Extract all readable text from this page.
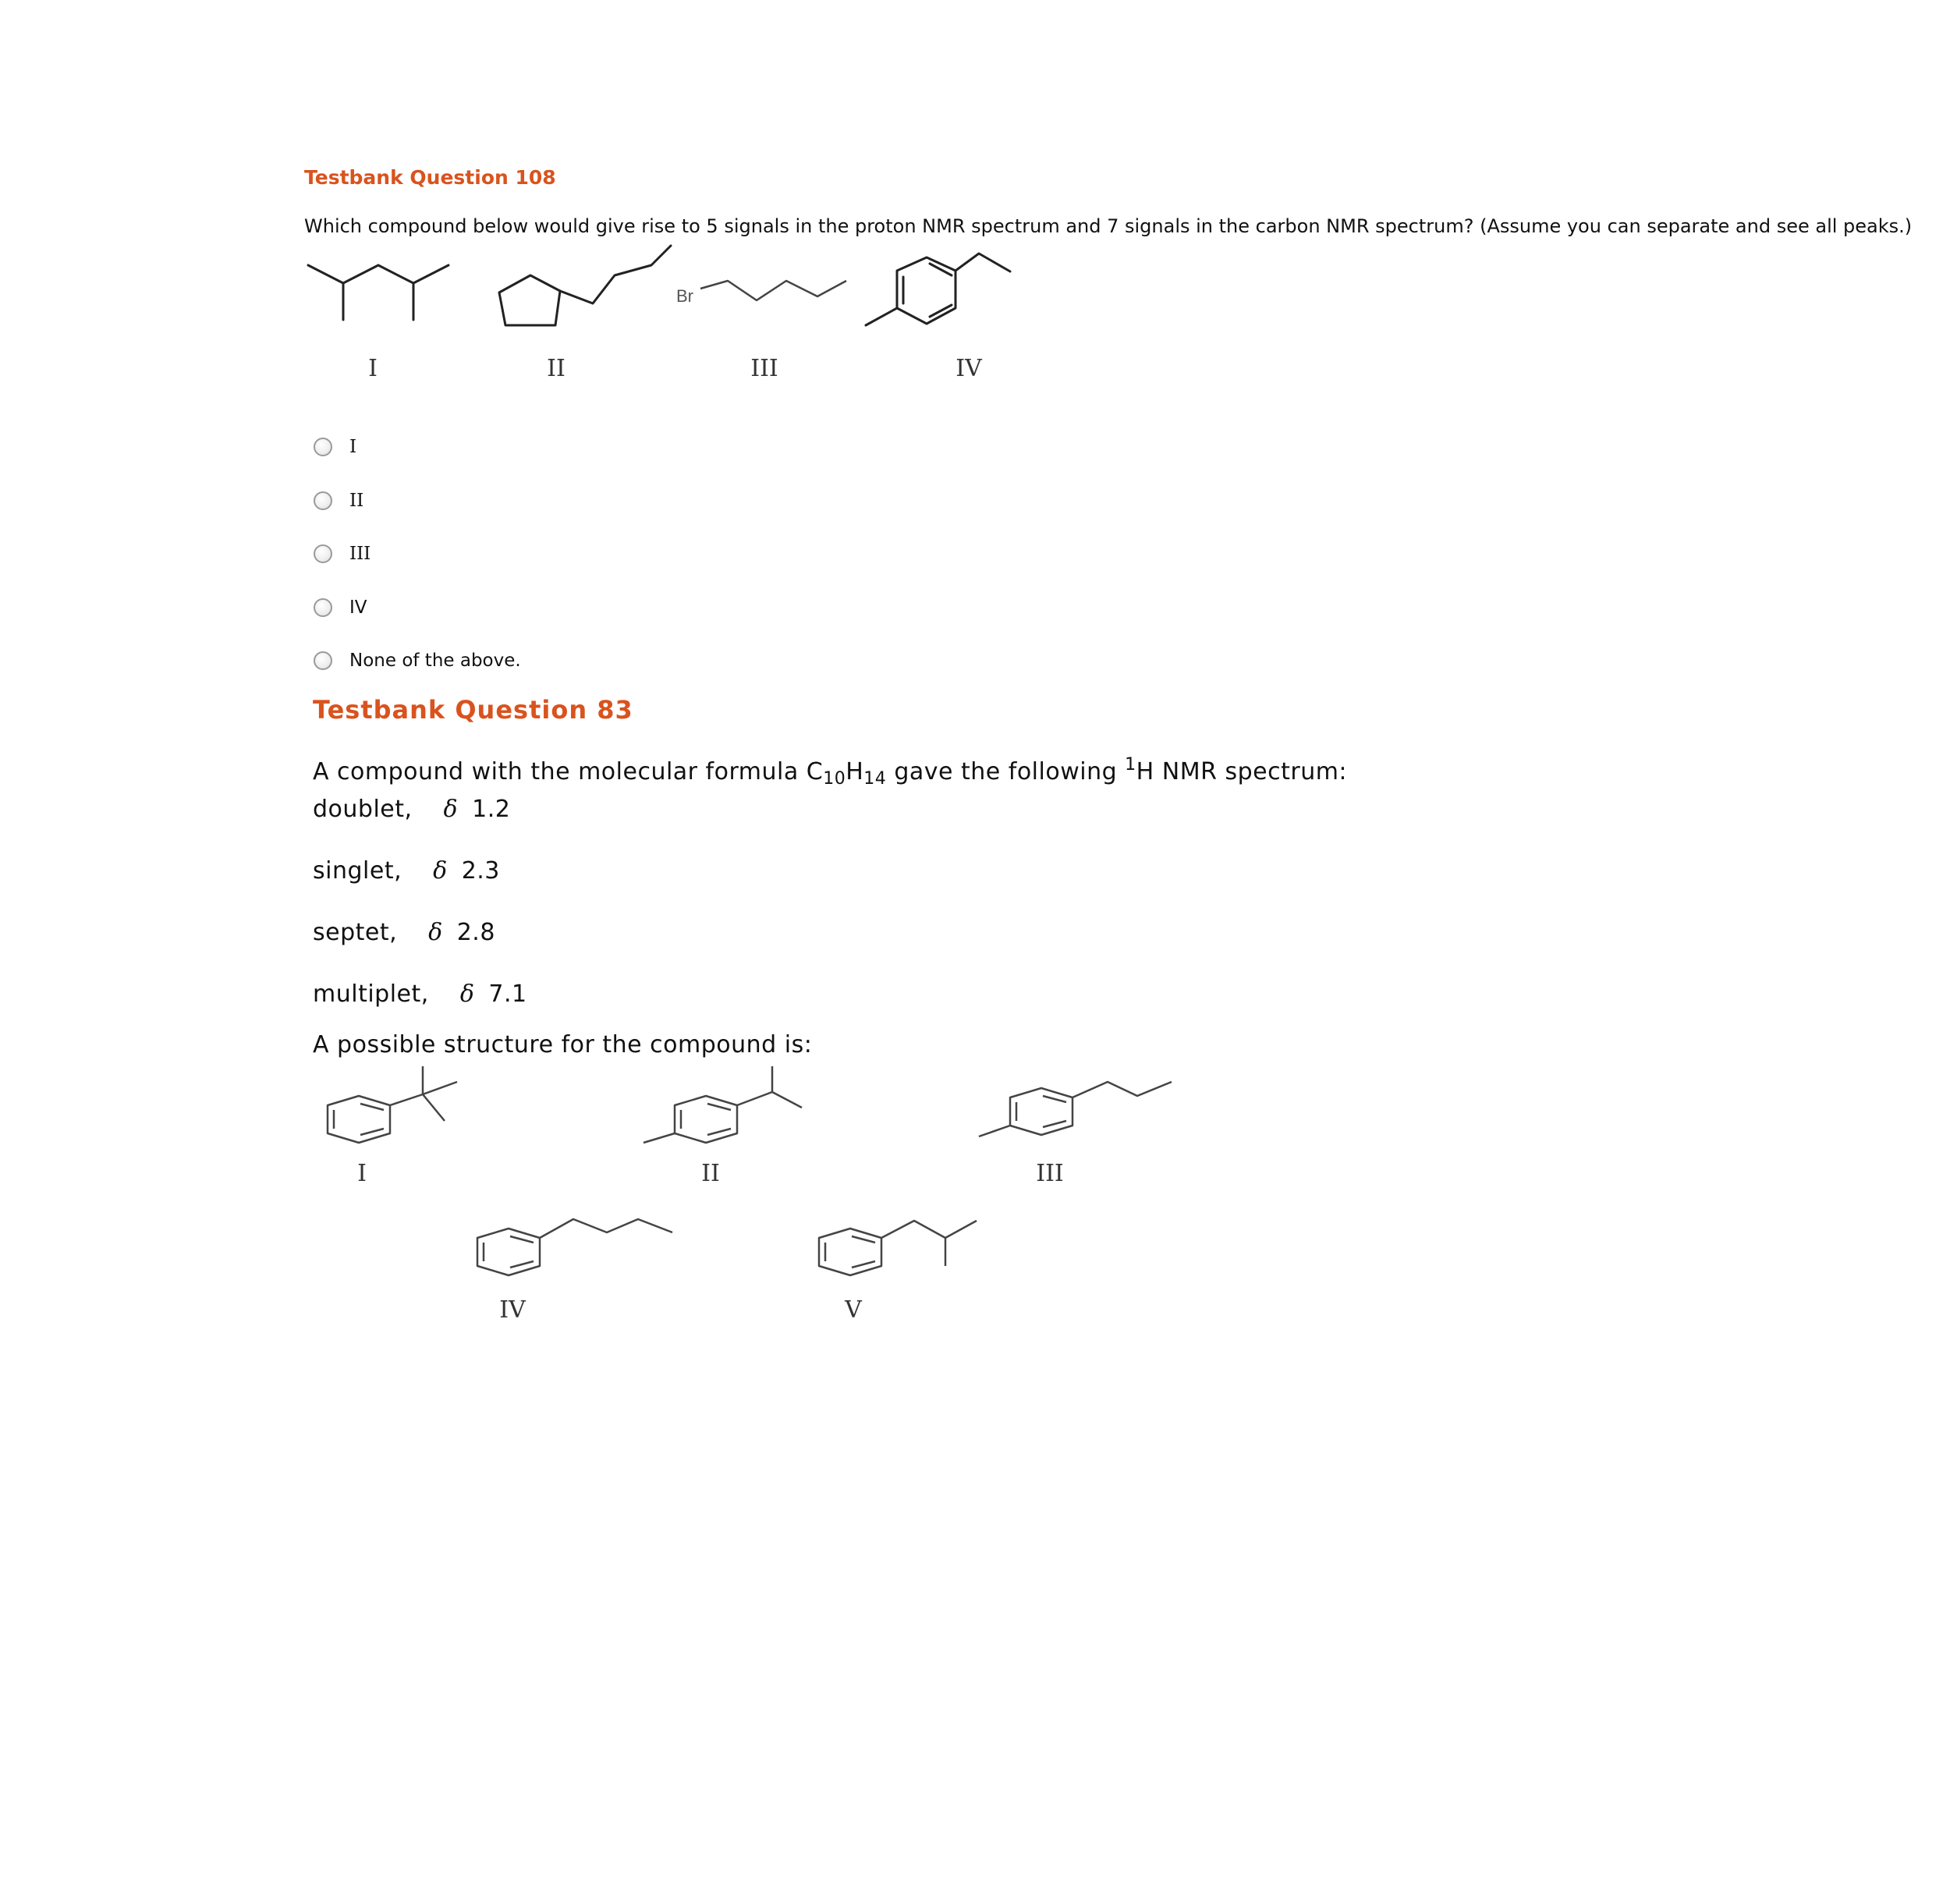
Testbank Question 108
Which compound below would give rise to 5 signals in the proton NMR spectrum and 7 signals in the carbon NMR spectrum? (Assume you can separate and see all peaks.)
Br
I	II	III	IV
I
II
III
IV
None of the above.
Testbank Question 83
A compound with the molecular formula $C_{10}H_{14}$ gave the following $^1$H NMR spectrum:
doublet, δ 1.2
singlet, δ 2.3
septet, δ 2.8
multiplet, δ 7.1
A possible structure for the compound is:
I	II	III
IV	V
